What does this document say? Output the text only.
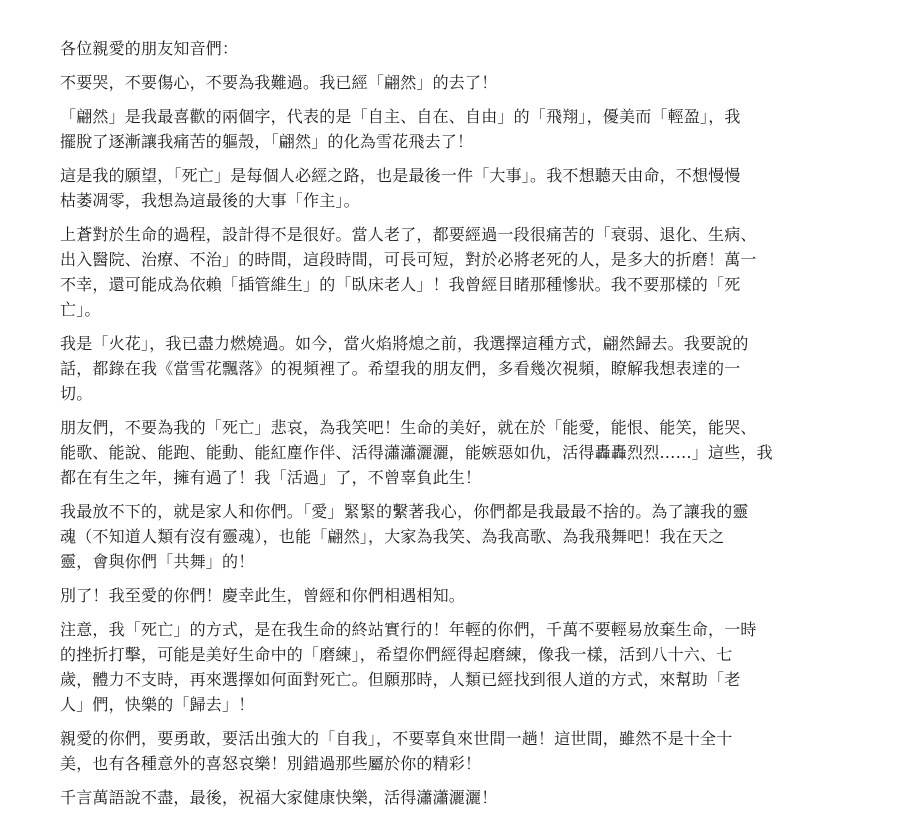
各位親愛的朋友知音們：

不要哭，不要傷心，不要為我難過。我已經「翩然」的去了！

「翩然」是我最喜歡的兩個字，代表的是「自主、自在、自由」的「飛翔」，優美而「輕盈」，我
擺脫了逐漸讓我痛苦的軀殼，「翩然」的化為雪花飛去了！

這是我的願望，「死亡」是每個人必經之路，也是最後一件「大事」。我不想聽天由命，不想慢慢
枯萎凋零，我想為這最後的大事「作主」。

上蒼對於生命的過程，設計得不是很好。當人老了，都要經過一段很痛苦的「衰弱、退化、生病、
出入醫院、治療、不治」的時間，這段時間，可長可短，對於必將老死的人，是多大的折磨！萬一
不幸，還可能成為依賴「插管維生」的「臥床老人」！我曾經目睹那種慘狀。我不要那樣的「死
亡」。

我是「火花」，我已盡力燃燒過。如今，當火焰將熄之前，我選擇這種方式，翩然歸去。我要說的
話，都錄在我《當雪花飄落》的視頻裡了。希望我的朋友們，多看幾次視頻，瞭解我想表達的一
切。

朋友們，不要為我的「死亡」悲哀，為我笑吧！生命的美好，就在於「能愛，能恨、能笑，能哭、
能歌、能說、能跑、能動、能紅塵作伴、活得瀟瀟灑灑，能嫉惡如仇，活得轟轟烈烈……」這些，我
都在有生之年，擁有過了！我「活過」了，不曾辜負此生！

我最放不下的，就是家人和你們。「愛」緊緊的繫著我心，你們都是我最最不捨的。為了讓我的靈
魂（不知道人類有沒有靈魂），也能「翩然」，大家為我笑、為我高歌、為我飛舞吧！我在天之
靈，會與你們「共舞」的！

別了！我至愛的你們！慶幸此生，曾經和你們相遇相知。

注意，我「死亡」的方式，是在我生命的終站實行的！年輕的你們，千萬不要輕易放棄生命，一時
的挫折打擊，可能是美好生命中的「磨練」，希望你們經得起磨練，像我一樣，活到八十六、七
歲，體力不支時，再來選擇如何面對死亡。但願那時，人類已經找到很人道的方式，來幫助「老
人」們，快樂的「歸去」！

親愛的你們，要勇敢，要活出強大的「自我」，不要辜負來世間一趟！這世間，雖然不是十全十
美，也有各種意外的喜怒哀樂！別錯過那些屬於你的精彩！

千言萬語說不盡，最後，祝福大家健康快樂，活得瀟瀟灑灑！
